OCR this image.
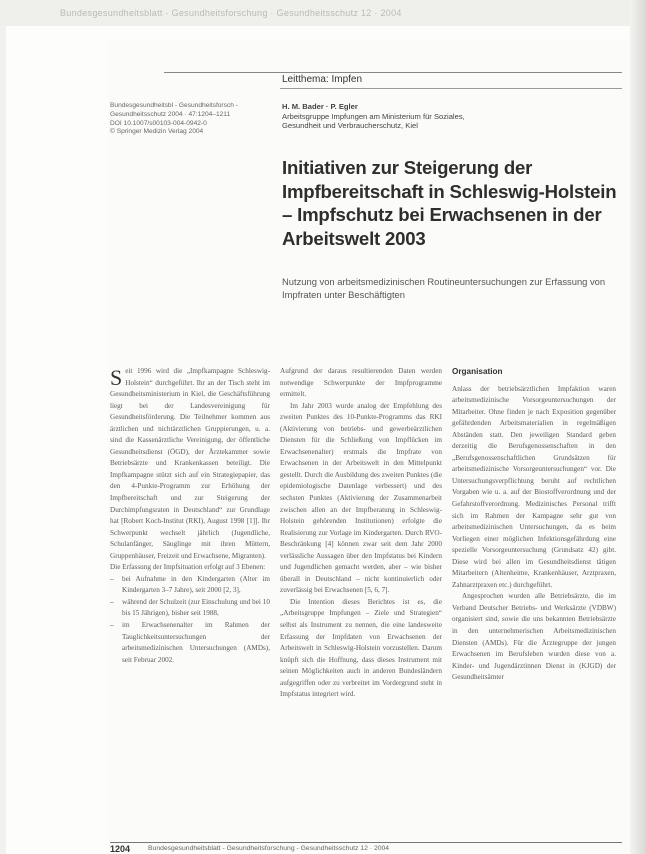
Bundesgesundheitsblatt · Gesundheitsforschung · Gesundheitsschutz 12 · 2004
Leitthema: Impfen
Bundesgesundheitsbl - Gesundheitsforsch -
Gesundheitsschutz 2004 · 47:1204–1211
DOI 10.1007/s00103-004-0942-0
© Springer Medizin Verlag 2004
H. M. Bader · P. Egler
Arbeitsgruppe Impfungen am Ministerium für Soziales,
Gesundheit und Verbraucherschutz, Kiel
Initiativen zur Steigerung der Impfbereitschaft in Schleswig-Holstein – Impfschutz bei Erwachsenen in der Arbeitswelt 2003
Nutzung von arbeitsmedizinischen Routineuntersuchungen zur Erfassung von Impfraten unter Beschäftigten

Seit 1996 wird die „Impfkampagne Schleswig-Holstein“ durchgeführt. Ihr an der Tisch steht im Gesundheitsministerium in Kiel, die Geschäftsführung liegt bei der Landesvereinigung für Gesundheitsförderung. Die Teilnehmer kommen aus ärztlichen und nichtärztlichen Gruppierungen, u. a. sind die Kassenärztliche Vereinigung, der öffentliche Gesundheitsdienst (ÖGD), der Ärztekammer sowie Betriebsärzte und Krankenkassen beteiligt. Die Impfkampagne stützt sich auf ein Strategiepapier, das den 4-Punkte-Programm zur Erhöhung der Impfbereitschaft und zur Steigerung der Durchimpfungsraten in Deutschland“ zur Grundlage hat [Robert Koch-Institut (RKI), August 1998 [1]]. Ihr Schwerpunkt wechselt jährlich (Jugendliche, Schulanfänger, Säuglinge mit ihren Müttern, Gruppenhäuser, Freizeit und Erwachsene, Migranten).

Die Erfassung der Impfsituation erfolgt auf 3 Ebenen:

– bei Aufnahme in den Kindergarten (Alter im Kindergarten 3–7 Jahre), seit 2000 [2, 3],
– während der Schulzeit (zur Einschulung und bei 10 bis 15 Jährigen), bisher seit 1988,
– im Erwachsenenalter im Rahmen der Tauglichkeitsuntersuchungen der arbeitsmedizinischen Untersuchungen (AMDs), seit Februar 2002.

Aufgrund der daraus resultierenden Daten werden notwendige Schwerpunkte der Impfprogramme ermittelt.

Im Jahr 2003 wurde analog der Empfehlung des zweiten Punktes des 10-Punkte-Programms das RKI (Aktivierung von betriebs- und gewerbeärztlichen Diensten für die Schließung von Impflücken im Erwachsenenalter) erstmals die Impfrate von Erwachsenen in der Arbeitswelt in den Mittelpunkt gestellt. Durch die Ausbildung des zweiten Punktes (die epidemiologische Datenlage verbessert) und des sechsten Punktes (Aktivierung der Zusammenarbeit zwischen allen an der Impfberatung in Schleswig-Holstein gehörenden Institutionen) erfolgte die Realisierung zur Vorlage im Kindergarten. Durch RVO-Beschränkung [4] können zwar seit dem Jahr 2000 verlässliche Aussagen über den Impfstatus bei Kindern und Jugendlichen gemacht werden, aber – wie bisher überall in Deutschland – nicht kontinuierlich oder zuverlässig bei Erwachsenen [5, 6, 7].

Die Intention dieses Berichtes ist es, die „Arbeitsgruppe Impfungen – Ziele und Strategien“ selbst als Instrument zu nennen, die eine landesweite Erfassung der Impfdaten von Erwachsenen der Arbeitswelt in Schleswig-Holstein vorzustellen. Darum knüpft sich die Hoffnung, dass dieses Instrument mit seinen Möglichkeiten auch in anderen Bundesländern aufgegriffen oder zu verbreitet im Vordergrund steht in Impfstatus integriert wird.

Organisation

Anlass der betriebsärztlichen Impfaktion waren arbeitsmedizinische Vorsorgeuntersuchungen der Mitarbeiter. Ohne finden je nach Exposition gegenüber gefährdenden Arbeitsmaterialien in regelmäßigen Abständen statt. Den jeweiligen Standard geben derzeitig die Berufsgenossenschaften in den „Berufsgenossenschaftlichen Grundsätzen für arbeitsmedizinische Vorsorgeuntersuchungen“ vor. Die Untersuchungsverpflichtung beruht auf rechtlichen Vorgaben wie u. a. auf der Biostoffverordnung und der Gefahrstoffverordnung. Medizinisches Personal trifft sich im Rahmen der Kampagne sehr gut von arbeitsmedizinischen Untersuchungen, da es beim Vorliegen einer möglichen Infektionsgefährdung eine spezielle Vorsorgeuntersuchung (Grundsatz 42) gibt. Diese wird bei allen im Gesundheitsdienst tätigen Mitarbeitern (Altenheime, Krankenhäuser, Arztpraxen, Zahnarztpraxen etc.) durchgeführt.

Angesprochen wurden alle Betriebsärzte, die im Verband Deutscher Betriebs- und Werksärzte (VDBW) organisiert sind, sowie die uns bekannten Betriebsärzte in den unternehmerischen Arbeitsmedizinischen Diensten (AMDs). Für die Ärztegruppe der jungen Erwachsenen im Berufsleben wurden diese von a. Kinder- und Jugendärztinnen Dienst in (KJGD) der Gesundheitsämter

1204	Bundesgesundheitsblatt - Gesundheitsforschung - Gesundheitsschutz 12 · 2004
